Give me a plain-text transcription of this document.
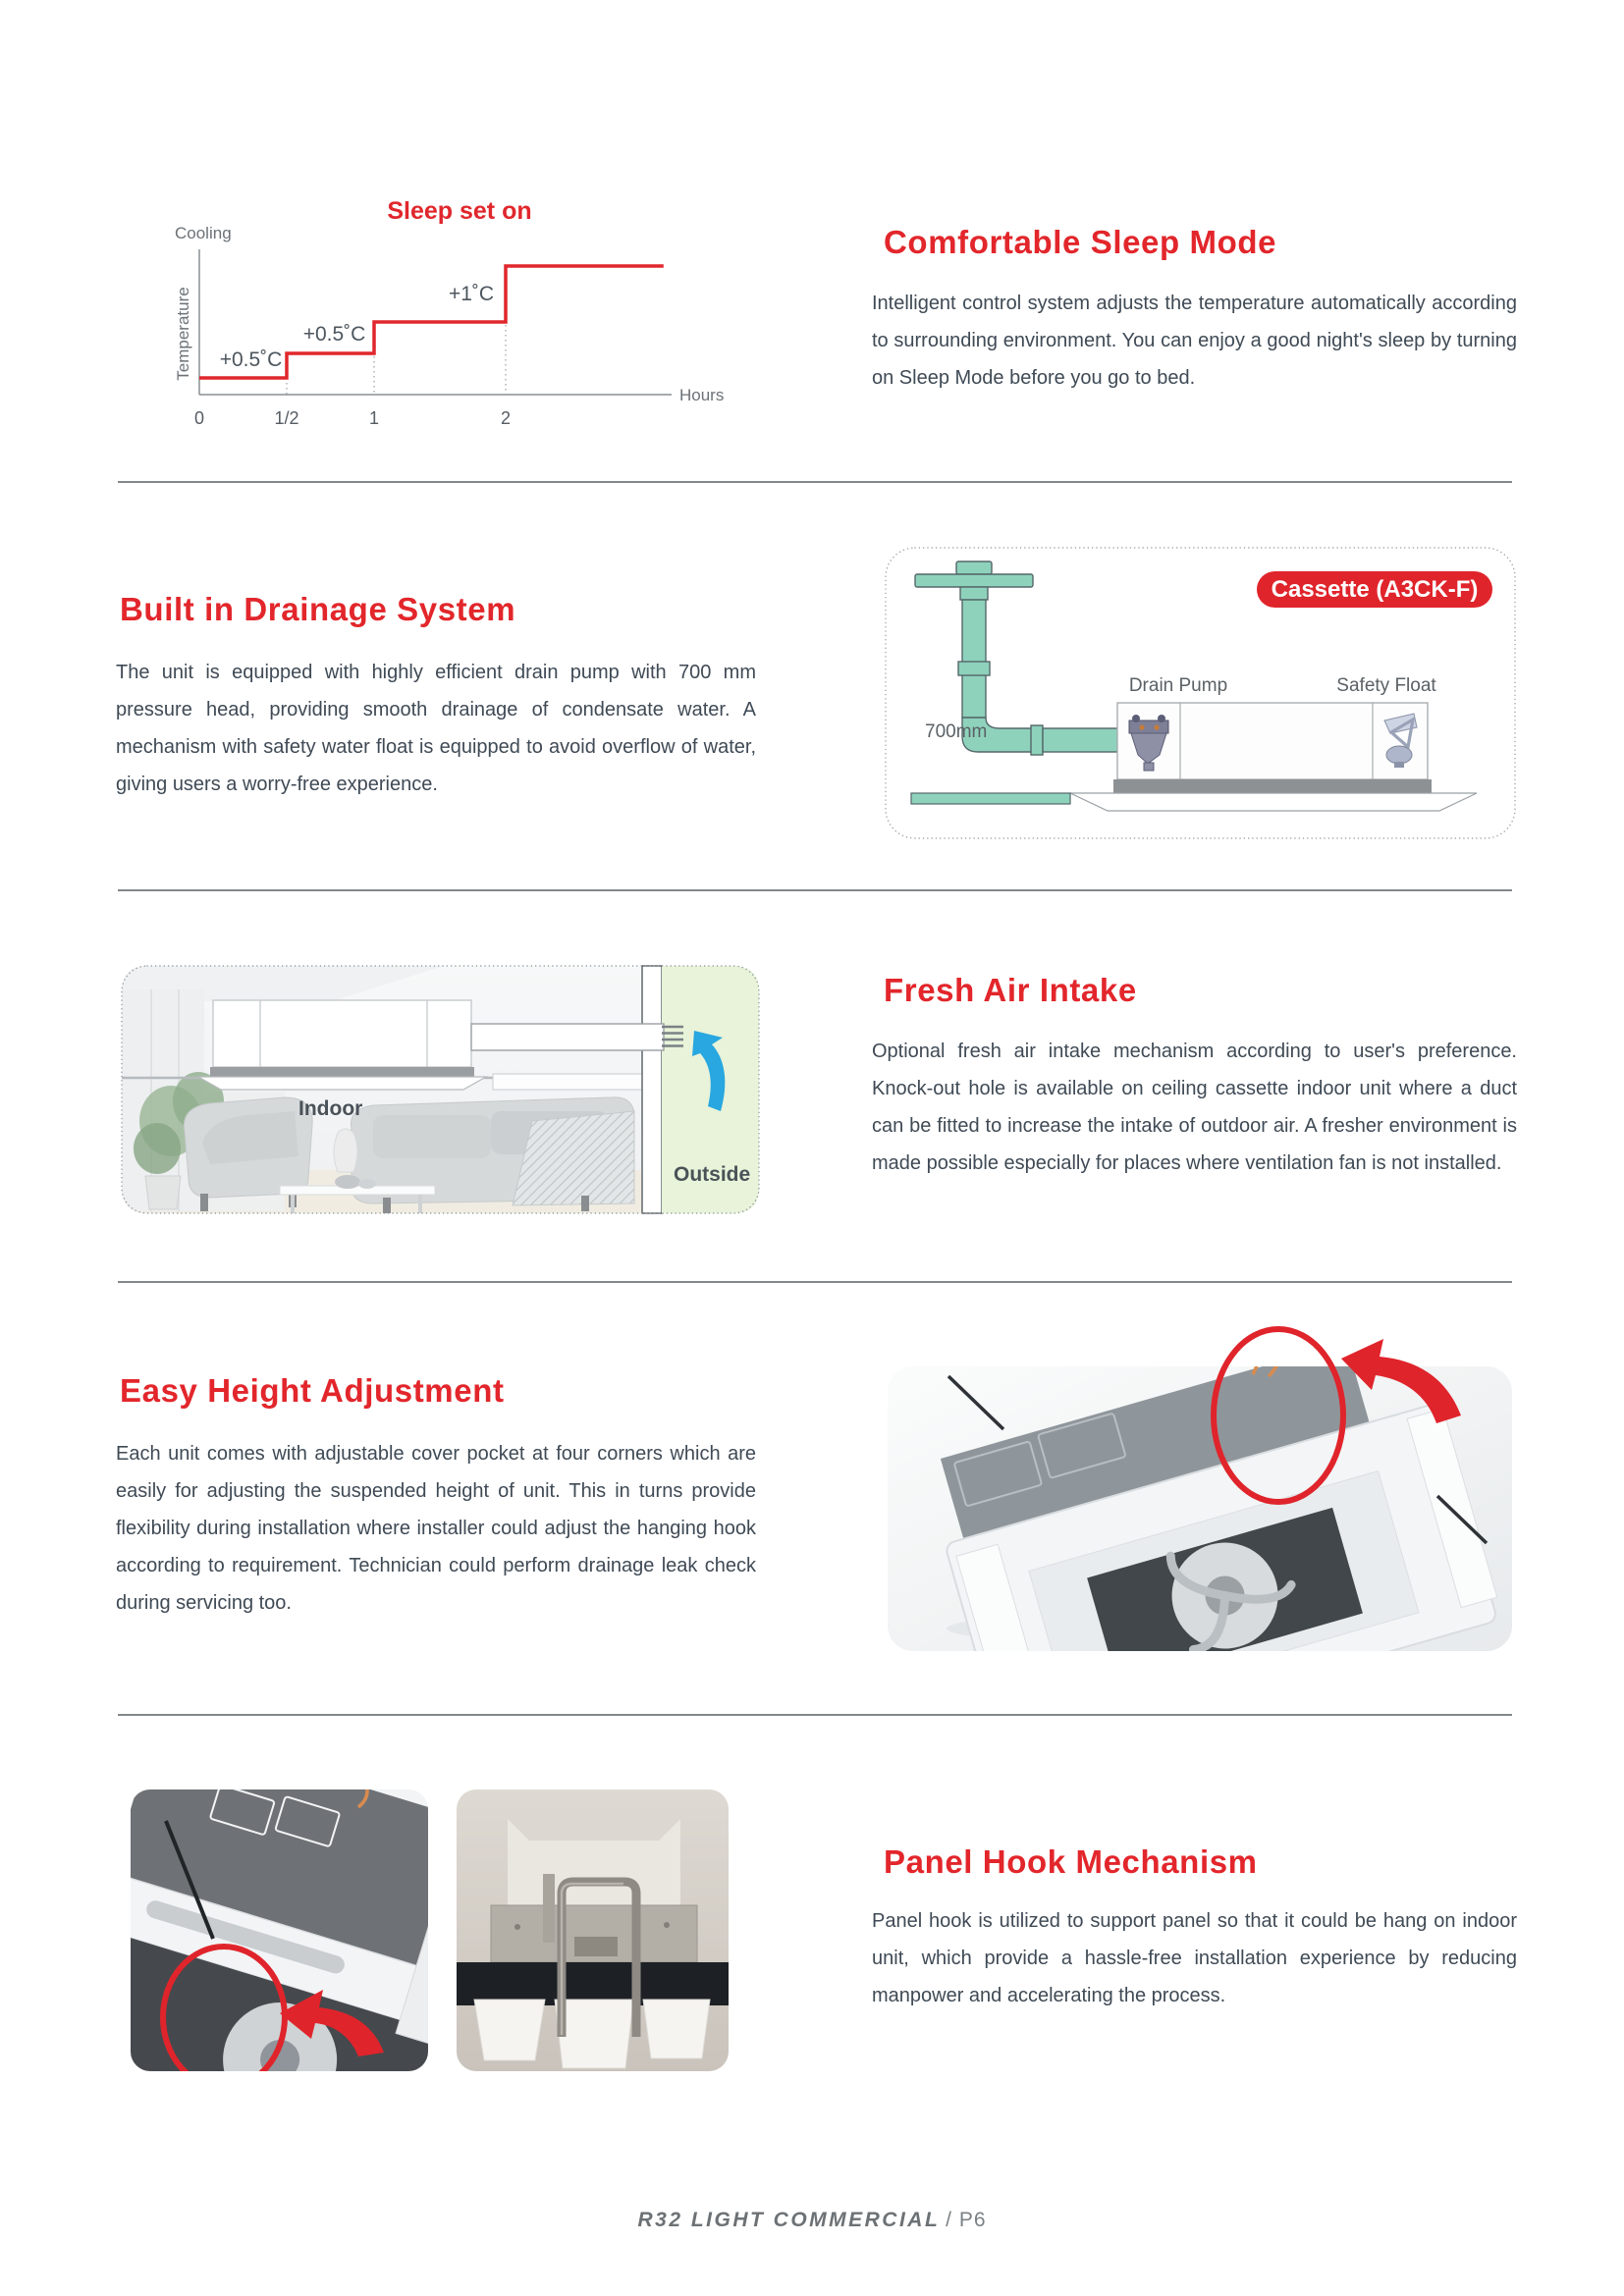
Sleep set on
Cooling
Temperature
Hours
+0.5˚C
+0.5˚C
+1˚C
0	1/2	1	2
Comfortable Sleep Mode
Intelligent control system adjusts the temperature automatically according to surrounding environment. You can enjoy a good night's sleep by turning on Sleep Mode before you go to bed.
Built in Drainage System
The unit is equipped with highly efficient drain pump with 700 mm pressure head, providing smooth drainage of condensate water. A mechanism with safety water float is equipped to avoid overflow of water, giving users a worry-free experience.
Cassette (A3CK-F)
700mm
Drain Pump	Safety Float
Indoor
Outside
Fresh Air Intake
Optional fresh air intake mechanism according to user's preference. Knock-out hole is available on ceiling cassette indoor unit where a duct can be fitted to increase the intake of outdoor air. A fresher environment is made possible especially for places where ventilation fan is not installed.
Easy Height Adjustment
Each unit comes with adjustable cover pocket at four corners which are easily for adjusting the suspended height of unit. This in turns provide flexibility during installation where installer could adjust the hanging hook according to requirement. Technician could perform drainage leak check during servicing too.
Panel Hook Mechanism
Panel hook is utilized to support panel so that it could be hang on indoor unit, which provide a hassle-free installation experience by reducing manpower and accelerating the process.
R32 LIGHT COMMERCIAL / P6
